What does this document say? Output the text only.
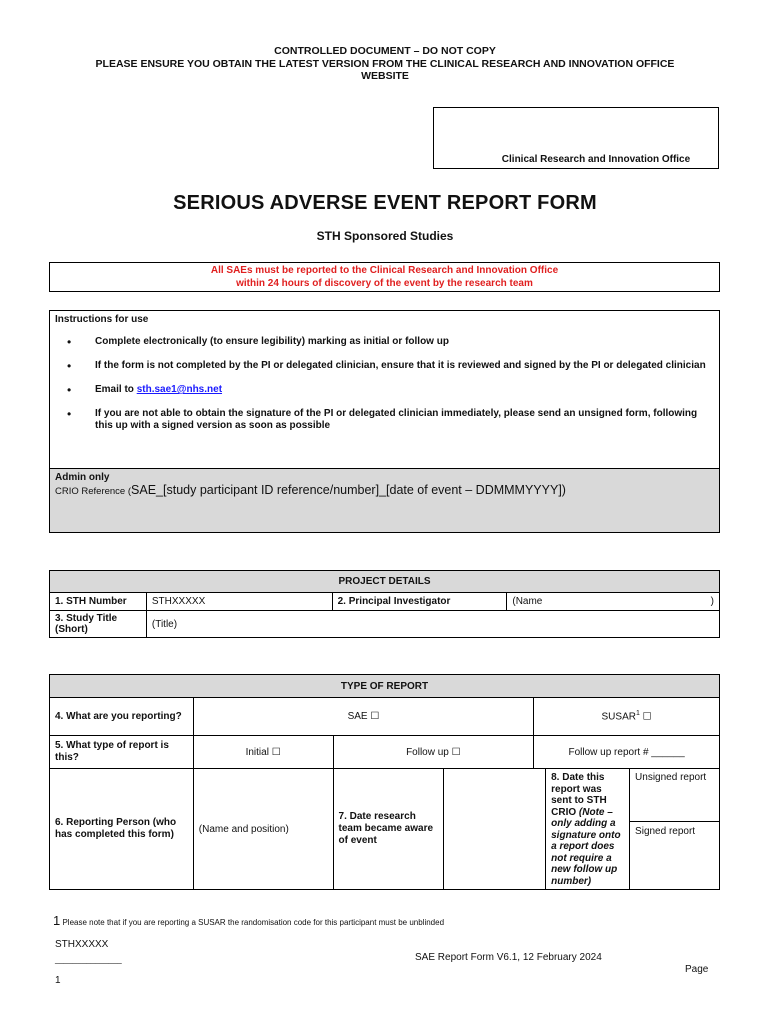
CONTROLLED DOCUMENT – DO NOT COPY
PLEASE ENSURE YOU OBTAIN THE LATEST VERSION FROM THE CLINICAL RESEARCH AND INNOVATION OFFICE
WEBSITE
Clinical Research and Innovation Office
SERIOUS ADVERSE EVENT REPORT FORM
STH Sponsored Studies
All SAEs must be reported to the Clinical Research and Innovation Office
within 24 hours of discovery of the event by the research team
Instructions for use
•	Complete electronically (to ensure legibility) marking as initial or follow up
•	If the form is not completed by the PI or delegated clinician, ensure that it is reviewed and signed by the PI or delegated clinician
•	Email to sth.sae1@nhs.net
•	If you are not able to obtain the signature of the PI or delegated clinician immediately, please send an unsigned form, following this up with a signed version as soon as possible
Admin only
CRIO Reference (SAE_[study participant ID reference/number]_[date of event – DDMMMYYYY])
PROJECT DETAILS			
1. STH Number	STHXXXXX	2. Principal Investigator	(Name )

3. Study Title (Short)	(Title)		
TYPE OF REPORT						
4. What are you reporting?	SAE ☐			SUSAR$^1$ ☐		
5. What type of report is this?	Initial ☐	Follow up ☐		Follow up report # ______		
6. Reporting Person (who has completed this form)	(Name and position)	7. Date research team became aware of event			8. Date this report was sent to STH CRIO (Note – only adding a signature onto a report does not require a new follow up number)	Unsigned report
Signed report
1 Please note that if you are reporting a SUSAR the randomisation code for this participant must be unblinded
STHXXXXX
_______________	SAE Report Form V6.1, 12 February 2024
Page
1
